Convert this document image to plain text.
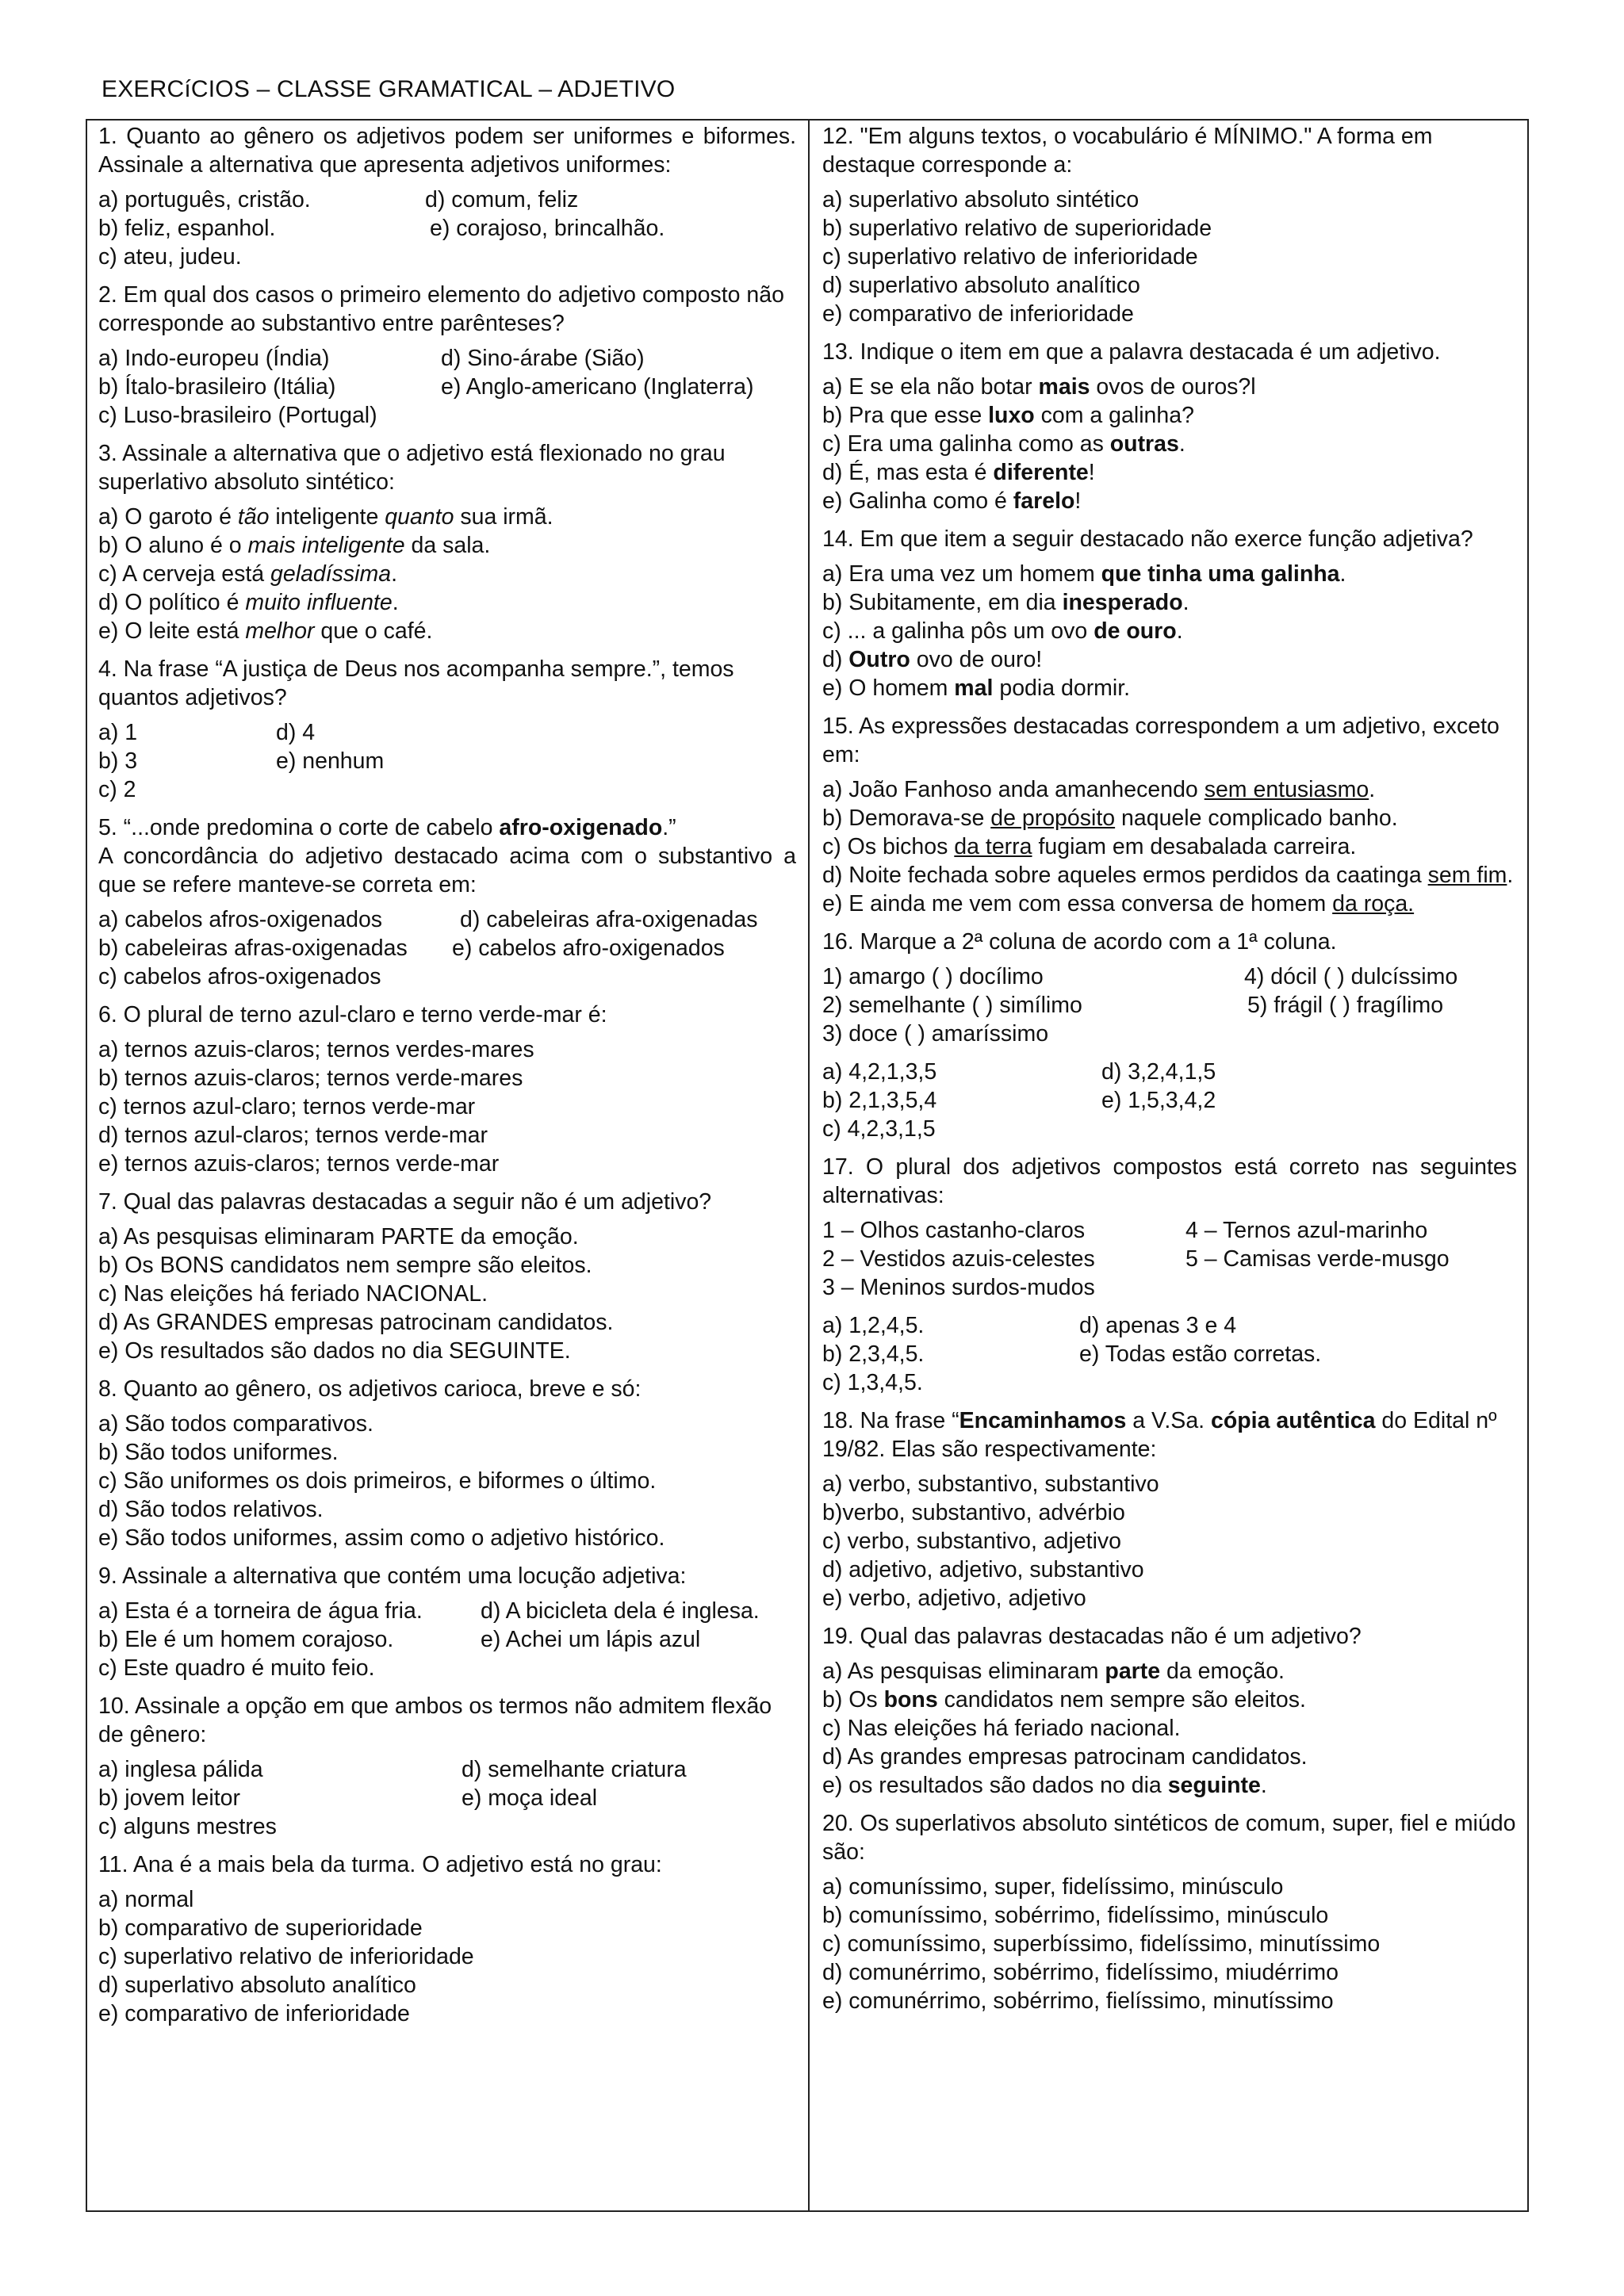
EXERCíCIOS – CLASSE GRAMATICAL – ADJETIVO
1. Quanto ao gênero os adjetivos podem ser uniformes e biformes. Assinale a alternativa que apresenta adjetivos uniformes:
a) português, cristão.	d) comum, feliz
b) feliz, espanhol.	e) corajoso, brincalhão.
c) ateu, judeu.
2. Em qual dos casos o primeiro elemento do adjetivo composto não corresponde ao substantivo entre parênteses?
a) Indo-europeu (Índia)	d) Sino-árabe (Sião)
b) Ítalo-brasileiro (Itália)	e) Anglo-americano (Inglaterra)
c) Luso-brasileiro (Portugal)
3. Assinale a alternativa que o adjetivo está flexionado no grau superlativo absoluto sintético:
a) O garoto é tão inteligente quanto sua irmã.
b) O aluno é o mais inteligente da sala.
c) A cerveja está geladíssima.
d) O político é muito influente.
e) O leite está melhor que o café.
4. Na frase “A justiça de Deus nos acompanha sempre.”, temos quantos adjetivos?
a) 1	d) 4
b) 3	e) nenhum
c) 2
5. “...onde predomina o corte de cabelo afro-oxigenado.”
A concordância do adjetivo destacado acima com o substantivo a que se refere manteve-se correta em:
a) cabelos afros-oxigenados	d) cabeleiras afra-oxigenadas
b) cabeleiras afras-oxigenadas	e) cabelos afro-oxigenados
c) cabelos afros-oxigenados
6. O plural de terno azul-claro e terno verde-mar é:
a) ternos azuis-claros; ternos verdes-mares
b) ternos azuis-claros; ternos verde-mares
c) ternos azul-claro; ternos verde-mar
d) ternos azul-claros; ternos verde-mar
e) ternos azuis-claros; ternos verde-mar
7. Qual das palavras destacadas a seguir não é um adjetivo?
a) As pesquisas eliminaram PARTE da emoção.
b) Os BONS candidatos nem sempre são eleitos.
c) Nas eleições há feriado NACIONAL.
d) As GRANDES empresas patrocinam candidatos.
e) Os resultados são dados no dia SEGUINTE.
8. Quanto ao gênero, os adjetivos carioca, breve e só:
a) São todos comparativos.
b) São todos uniformes.
c) São uniformes os dois primeiros, e biformes o último.
d) São todos relativos.
e) São todos uniformes, assim como o adjetivo histórico.
9. Assinale a alternativa que contém uma locução adjetiva:
a) Esta é a torneira de água fria.	d) A bicicleta dela é inglesa.
b) Ele é um homem corajoso.	e) Achei um lápis azul
c) Este quadro é muito feio.
10. Assinale a opção em que ambos os termos não admitem flexão de gênero:
a) inglesa pálida	d) semelhante criatura
b) jovem leitor	e) moça ideal
c) alguns mestres
11. Ana é a mais bela da turma. O adjetivo está no grau:
a) normal
b) comparativo de superioridade
c) superlativo relativo de inferioridade
d) superlativo absoluto analítico
e) comparativo de inferioridade
12. "Em alguns textos, o vocabulário é MÍNIMO." A forma em destaque corresponde a:
a) superlativo absoluto sintético
b) superlativo relativo de superioridade
c) superlativo relativo de inferioridade
d) superlativo absoluto analítico
e) comparativo de inferioridade
13. Indique o item em que a palavra destacada é um adjetivo.
a) E se ela não botar mais ovos de ouros?l
b) Pra que esse luxo com a galinha?
c) Era uma galinha como as outras.
d) É, mas esta é diferente!
e) Galinha como é farelo!
14. Em que item a seguir destacado não exerce função adjetiva?
a) Era uma vez um homem que tinha uma galinha.
b) Subitamente, em dia inesperado.
c) ... a galinha pôs um ovo de ouro.
d) Outro ovo de ouro!
e) O homem mal podia dormir.
15. As expressões destacadas correspondem a um adjetivo, exceto em:
a) João Fanhoso anda amanhecendo sem entusiasmo.
b) Demorava-se de propósito naquele complicado banho.
c) Os bichos da terra fugiam em desabalada carreira.
d) Noite fechada sobre aqueles ermos perdidos da caatinga sem fim.
e) E ainda me vem com essa conversa de homem da roça.
16. Marque a 2ª coluna de acordo com a 1ª coluna.
1) amargo ( ) docílimo	4) dócil ( ) dulcíssimo
2) semelhante ( ) simílimo	5) frágil ( ) fragílimo
3) doce ( ) amaríssimo
a) 4,2,1,3,5	d) 3,2,4,1,5
b) 2,1,3,5,4	e) 1,5,3,4,2
c) 4,2,3,1,5
17. O plural dos adjetivos compostos está correto nas seguintes alternativas:
1 – Olhos castanho-claros	4 – Ternos azul-marinho
2 – Vestidos azuis-celestes	5 – Camisas verde-musgo
3 – Meninos surdos-mudos
a) 1,2,4,5.	d) apenas 3 e 4
b) 2,3,4,5.	e) Todas estão corretas.
c) 1,3,4,5.
18. Na frase “Encaminhamos a V.Sa. cópia autêntica do Edital nº 19/82. Elas são respectivamente:
a) verbo, substantivo, substantivo
b)verbo, substantivo, advérbio
c) verbo, substantivo, adjetivo
d) adjetivo, adjetivo, substantivo
e) verbo, adjetivo, adjetivo
19. Qual das palavras destacadas não é um adjetivo?
a) As pesquisas eliminaram parte da emoção.
b) Os bons candidatos nem sempre são eleitos.
c) Nas eleições há feriado nacional.
d) As grandes empresas patrocinam candidatos.
e) os resultados são dados no dia seguinte.
20. Os superlativos absoluto sintéticos de comum, super, fiel e miúdo são:
a) comuníssimo, super, fidelíssimo, minúsculo
b) comuníssimo, sobérrimo, fidelíssimo, minúsculo
c) comuníssimo, superbíssimo, fidelíssimo, minutíssimo
d) comunérrimo, sobérrimo, fidelíssimo, miudérrimo
e) comunérrimo, sobérrimo, fielíssimo, minutíssimo
